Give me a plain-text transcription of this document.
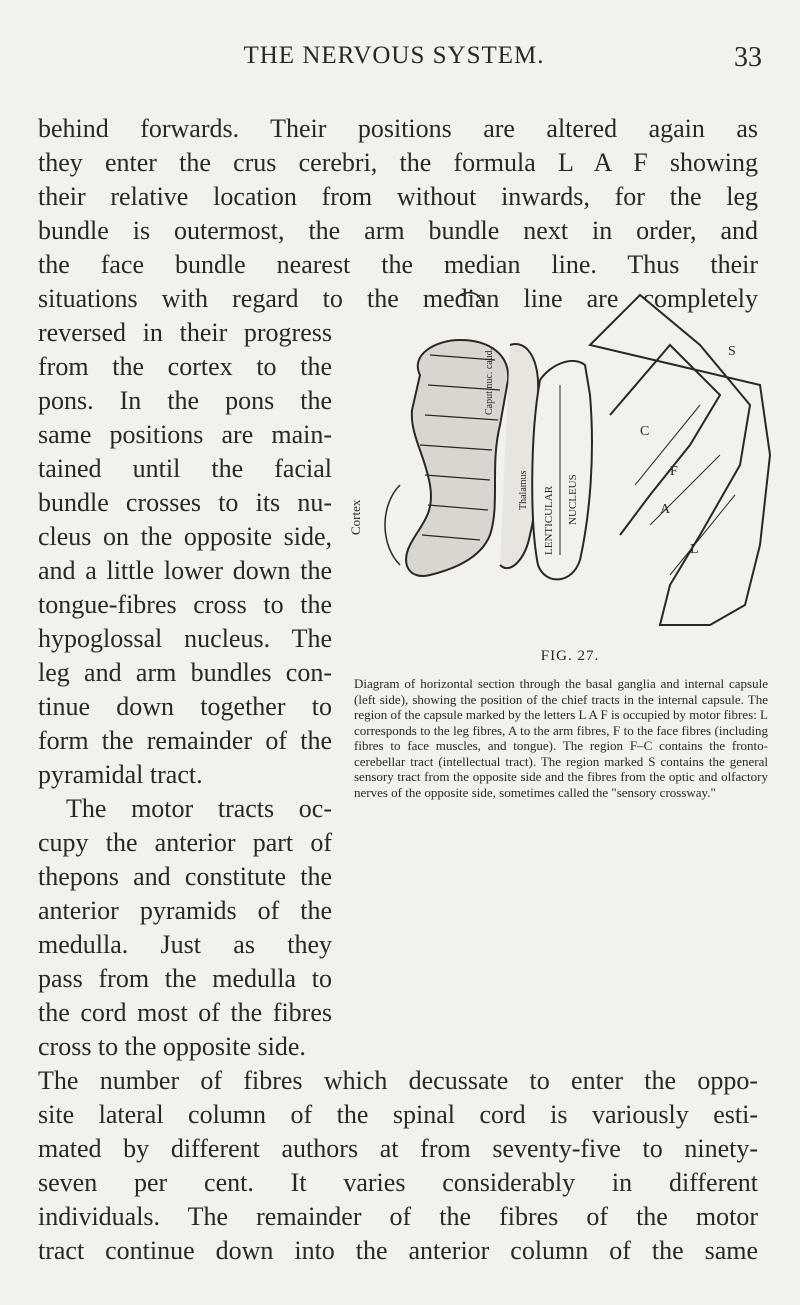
THE NERVOUS SYSTEM.	33
behind forwards. Their positions are altered again as
they enter the crus cerebri, the formula L A F showing
their relative location from without inwards, for the leg
bundle is outermost, the arm bundle next in order, and
the face bundle nearest the median line. Thus their
situations with regard to the median line are completely
reversed in their progress
from the cortex to the
pons. In the pons the
same positions are main-
tained until the facial
bundle crosses to its nu-
cleus on the opposite side,
and a little lower down the
tongue-fibres cross to the
hypoglossal nucleus. The
leg and arm bundles con-
tinue down together to
form the remainder of the
pyramidal tract.
The motor tracts oc-
cupy the anterior part of
thepons and constitute the
anterior pyramids of the
medulla. Just as they
pass from the medulla to
the cord most of the fibres
cross to the opposite side.
The number of fibres which decussate to enter the oppo-
site lateral column of the spinal cord is variously esti-
mated by different authors at from seventy-five to ninety-
seven per cent. It varies considerably in different
individuals. The remainder of the fibres of the motor
tract continue down into the anterior column of the same
Cortex
Caput nuc. caud.
Thalamus LENTICULAR NUCLEUS
S
F
A
L
C
FIG. 27.

Diagram of horizontal section through the basal ganglia and internal capsule (left side), showing the position of the chief tracts in the internal capsule. The region of the capsule marked by the letters L A F is occupied by motor fibres: L corresponds to the leg fibres, A to the arm fibres, F to the face fibres (including fibres to face muscles, and tongue). The region F–C contains the fronto-cerebellar tract (intellectual tract). The region marked S contains the general sensory tract from the opposite side and the fibres from the optic and olfactory nerves of the opposite side, sometimes called the "sensory crossway."
